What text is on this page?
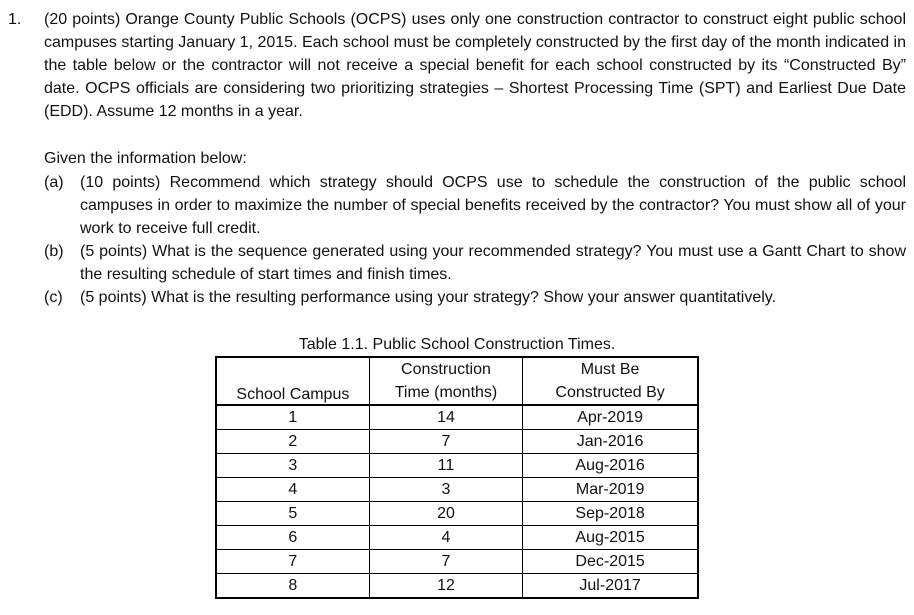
1. (20 points) Orange County Public Schools (OCPS) uses only one construction contractor to construct eight public school campuses starting January 1, 2015. Each school must be completely constructed by the first day of the month indicated in the table below or the contractor will not receive a special benefit for each school constructed by its “Constructed By” date. OCPS officials are considering two prioritizing strategies – Shortest Processing Time (SPT) and Earliest Due Date (EDD). Assume 12 months in a year.
Given the information below:
(a)	(10 points) Recommend which strategy should OCPS use to schedule the construction of the public school campuses in order to maximize the number of special benefits received by the contractor? You must show all of your work to receive full credit.
(b)	(5 points) What is the sequence generated using your recommended strategy? You must use a Gantt Chart to show the resulting schedule of start times and finish times.
(c)	(5 points) What is the resulting performance using your strategy? Show your answer quantitatively.
Table 1.1. Public School Construction Times.
School Campus	Construction	Must Be
	Time (months)	Constructed By
1	14	Apr-2019
2	7	Jan-2016
3	11	Aug-2016
4	3	Mar-2019
5	20	Sep-2018
6	4	Aug-2015
7	7	Dec-2015
8	12	Jul-2017
